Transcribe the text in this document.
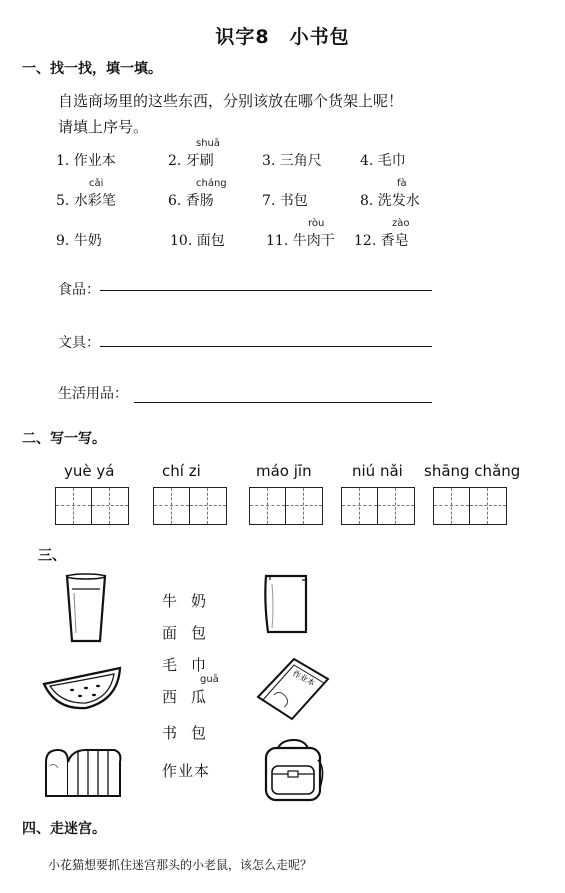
识字8　小书包
一、找一找，填一填。
自选商场里的这些东西，分别该放在哪个货架上呢！
请填上序号。
1. 作业本	2. 牙刷
shuā
3. 三角尺	4. 毛巾
5. 水彩笔
cǎi
6. 香肠
cháng
7. 书包	8. 洗发水
fà
9. 牛奶	10. 面包	11. 牛肉干
ròu
12. 香皂
zào
食品：
文具：
生活用品：
二、写一写。
yuè yá	chí zi	máo jīn	niú nǎi shāng chǎng
三、
牛奶
面包
毛巾
guā
西瓜
书包
作业本
作业本
四、走迷宫。
小花猫想要抓住迷宫那头的小老鼠，该怎么走呢？
